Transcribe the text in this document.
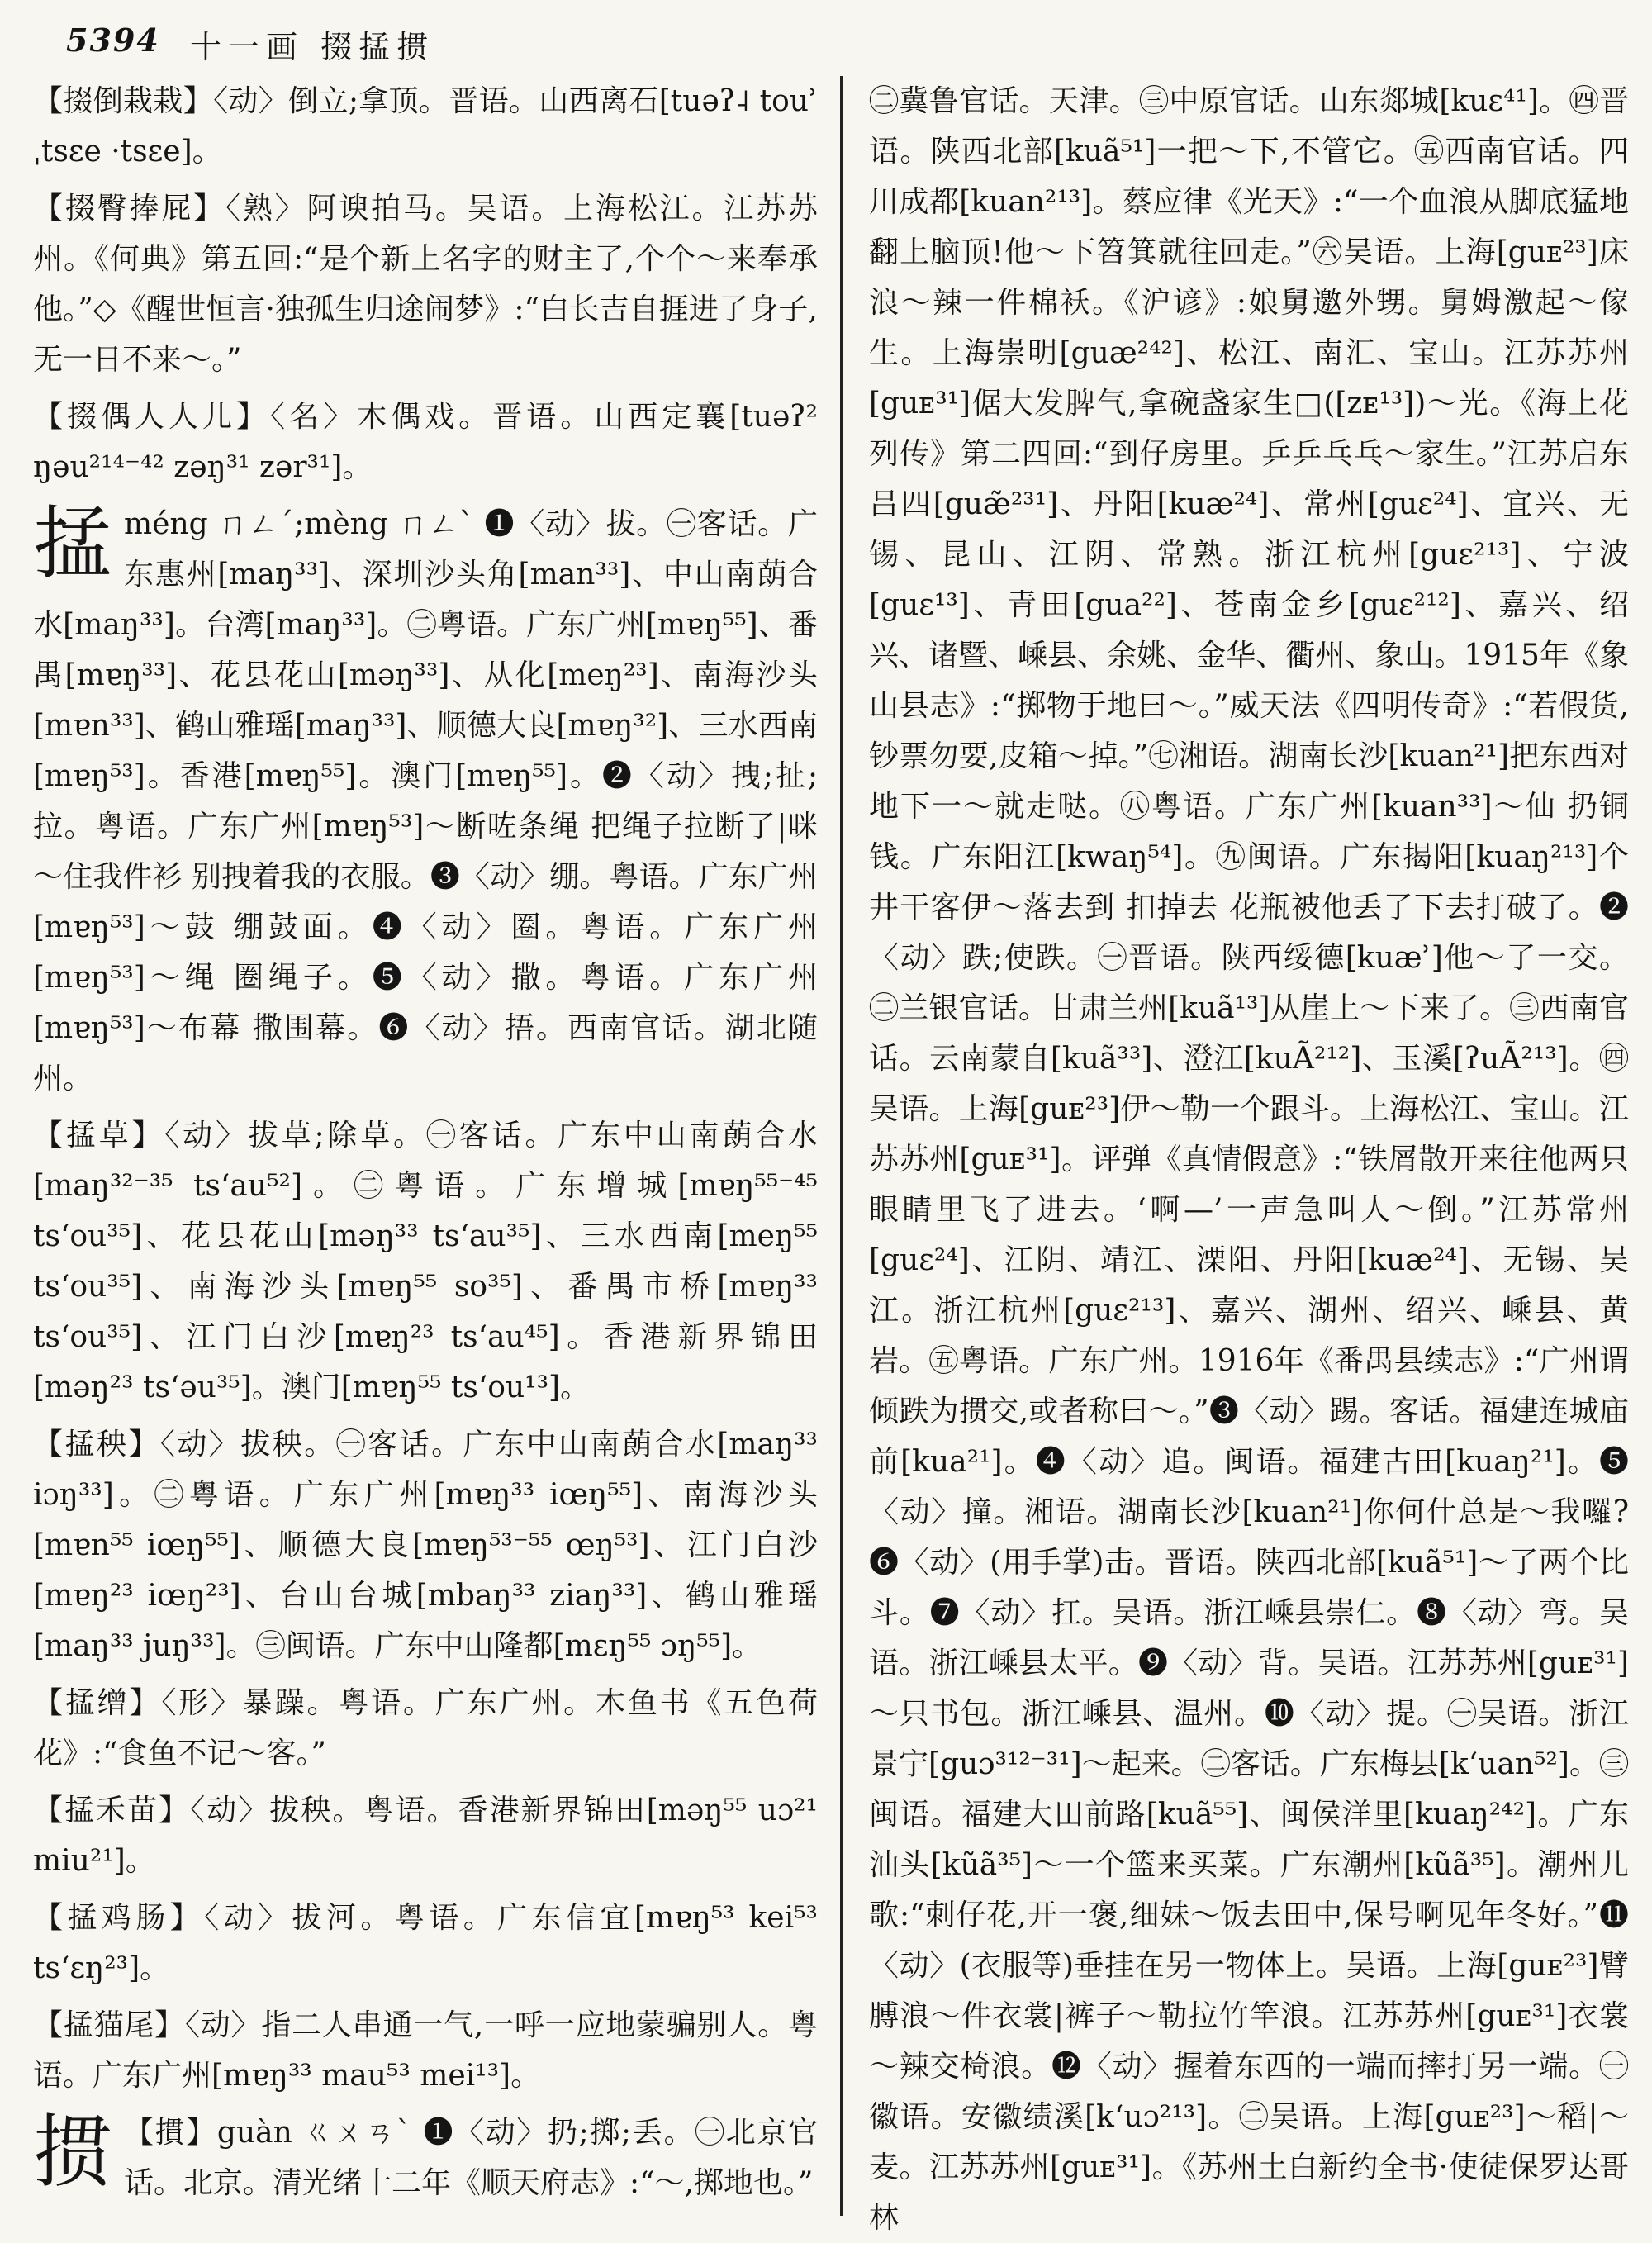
5394 十一画 掇掹掼
【掇倒栽栽】〈动〉倒立;拿顶。晋语。山西离石[tuəʔ˨ touʾ ˌtsɛe ·tsɛe]。
【掇臀捧屁】〈熟〉阿谀拍马。吴语。上海松江。江苏苏州。《何典》第五回:“是个新上名字的财主了,个个～来奉承他。”◇《醒世恒言·独孤生归途闹梦》:“白长吉自捱进了身子,无一日不来～。”
【掇偶人人儿】〈名〉木偶戏。晋语。山西定襄[tuəʔ² ŋəu²¹⁴⁻⁴² zəŋ³¹ zər³¹]。
掹 méng ㄇㄥˊ;mèng ㄇㄥˋ ❶〈动〉拔。㊀客话。广东惠州[maŋ³³]、深圳沙头角[man³³]、中山南蓢合水[maŋ³³]。台湾[maŋ³³]。㊁粤语。广东广州[mɐŋ⁵⁵]、番禺[mɐŋ³³]、花县花山[məŋ³³]、从化[meŋ²³]、南海沙头[mɐn³³]、鹤山雅瑶[maŋ³³]、顺德大良[mɐŋ³²]、三水西南[mɐŋ⁵³]。香港[mɐŋ⁵⁵]。澳门[mɐŋ⁵⁵]。❷〈动〉拽;扯;拉。粤语。广东广州[mɐŋ⁵³]～断咗条绳 把绳子拉断了|咪～住我件衫 别拽着我的衣服。❸〈动〉绷。粤语。广东广州[mɐŋ⁵³]～鼓 绷鼓面。❹〈动〉圈。粤语。广东广州[mɐŋ⁵³]～绳 圈绳子。❺〈动〉撒。粤语。广东广州[mɐŋ⁵³]～布幕 撒围幕。❻〈动〉捂。西南官话。湖北随州。
【掹草】〈动〉拔草;除草。㊀客话。广东中山南蓢合水[maŋ³²⁻³⁵ tsʻau⁵²]。㊁粤语。广东增城[mɐŋ⁵⁵⁻⁴⁵ tsʻou³⁵]、花县花山[məŋ³³ tsʻau³⁵]、三水西南[meŋ⁵⁵ tsʻou³⁵]、南海沙头[mɐŋ⁵⁵ so³⁵]、番禺市桥[mɐŋ³³ tsʻou³⁵]、江门白沙[mɐŋ²³ tsʻau⁴⁵]。香港新界锦田[məŋ²³ tsʻəu³⁵]。澳门[mɐŋ⁵⁵ tsʻou¹³]。
【掹秧】〈动〉拔秧。㊀客话。广东中山南蓢合水[maŋ³³ iɔŋ³³]。㊁粤语。广东广州[mɐŋ³³ iœŋ⁵⁵]、南海沙头[mɐn⁵⁵ iœŋ⁵⁵]、顺德大良[mɐŋ⁵³⁻⁵⁵ œŋ⁵³]、江门白沙[mɐŋ²³ iœŋ²³]、台山台城[mbaŋ³³ ziaŋ³³]、鹤山雅瑶[maŋ³³ juŋ³³]。㊂闽语。广东中山隆都[mɛŋ⁵⁵ ɔŋ⁵⁵]。
【掹缯】〈形〉暴躁。粤语。广东广州。木鱼书《五色荷花》:“食鱼不记～客。”
【掹禾苗】〈动〉拔秧。粤语。香港新界锦田[məŋ⁵⁵ uɔ²¹ miu²¹]。
【掹鸡肠】〈动〉拔河。粤语。广东信宜[mɐŋ⁵³ kei⁵³ tsʻɛŋ²³]。
【掹猫尾】〈动〉指二人串通一气,一呼一应地蒙骗别人。粤语。广东广州[mɐŋ³³ mau⁵³ mei¹³]。
掼 【摜】guàn ㄍㄨㄢˋ ❶〈动〉扔;掷;丢。㊀北京官话。北京。清光绪十二年《顺天府志》:“～,掷地也。”

㊁冀鲁官话。天津。㊂中原官话。山东郯城[kuɛ⁴¹]。㊃晋语。陕西北部[kuã⁵¹]一把～下,不管它。㊄西南官话。四川成都[kuan²¹³]。蔡应律《光天》:“一个血浪从脚底猛地翻上脑顶!他～下笤箕就往回走。”㊅吴语。上海[guᴇ²³]床浪～辣一件棉袄。《沪谚》:娘舅邀外甥。舅姆激起～傢生。上海崇明[guæ²⁴²]、松江、南汇、宝山。江苏苏州[guᴇ³¹]倨大发脾气,拿碗盏家生□([zᴇ¹³])～光。《海上花列传》第二四回:“到仔房里。乒乒乓乓～家生。”江苏启东吕四[guæ̃²³¹]、丹阳[kuæ²⁴]、常州[guɛ²⁴]、宜兴、无锡、昆山、江阴、常熟。浙江杭州[guɛ²¹³]、宁波[guɛ¹³]、青田[gua²²]、苍南金乡[guɛ²¹²]、嘉兴、绍兴、诸暨、嵊县、余姚、金华、衢州、象山。1915年《象山县志》:“掷物于地曰～。”威天法《四明传奇》:“若假货,钞票勿要,皮箱～掉。”㊆湘语。湖南长沙[kuan²¹]把东西对地下一～就走哒。㊇粤语。广东广州[kuan³³]～仙 扔铜钱。广东阳江[kwaŋ⁵⁴]。㊈闽语。广东揭阳[kuaŋ²¹³]个井干客伊～落去到 扣掉去 花瓶被他丢了下去打破了。❷〈动〉跌;使跌。㊀晋语。陕西绥德[kuæʾ]他～了一交。㊁兰银官话。甘肃兰州[kuã¹³]从崖上～下来了。㊂西南官话。云南蒙自[kuã³³]、澄江[kuÃ²¹²]、玉溪[ʔuÃ²¹³]。㊃吴语。上海[guᴇ²³]伊～勒一个跟斗。上海松江、宝山。江苏苏州[guᴇ³¹]。评弹《真情假意》:“铁屑散开来往他两只眼睛里飞了进去。‘啊—’一声急叫人～倒。”江苏常州[guɛ²⁴]、江阴、靖江、溧阳、丹阳[kuæ²⁴]、无锡、吴江。浙江杭州[guɛ²¹³]、嘉兴、湖州、绍兴、嵊县、黄岩。㊄粤语。广东广州。1916年《番禺县续志》:“广州谓倾跌为掼交,或者称曰～。”❸〈动〉踢。客话。福建连城庙前[kua²¹]。❹〈动〉追。闽语。福建古田[kuaŋ²¹]。❺〈动〉撞。湘语。湖南长沙[kuan²¹]你何什总是～我囉?❻〈动〉(用手掌)击。晋语。陕西北部[kuã⁵¹]～了两个比斗。❼〈动〉扛。吴语。浙江嵊县崇仁。❽〈动〉弯。吴语。浙江嵊县太平。❾〈动〉背。吴语。江苏苏州[guᴇ³¹]～只书包。浙江嵊县、温州。❿〈动〉提。㊀吴语。浙江景宁[guɔ³¹²⁻³¹]～起来。㊁客话。广东梅县[kʻuan⁵²]。㊂闽语。福建大田前路[kuã⁵⁵]、闽侯洋里[kuaŋ²⁴²]。广东汕头[kũã³⁵]～一个篮来买菜。广东潮州[kũã³⁵]。潮州儿歌:“刺仔花,开一褒,细妹～饭去田中,保号啊见年冬好。”⓫〈动〉(衣服等)垂挂在另一物体上。吴语。上海[guᴇ²³]臂膊浪～件衣裳|裤子～勒拉竹竿浪。江苏苏州[guᴇ³¹]衣裳～辣交椅浪。⓬〈动〉握着东西的一端而摔打另一端。㊀徽语。安徽绩溪[kʻuɔ²¹³]。㊁吴语。上海[guᴇ²³]～稻|～麦。江苏苏州[guᴇ³¹]。《苏州土白新约全书·使徒保罗达哥林
